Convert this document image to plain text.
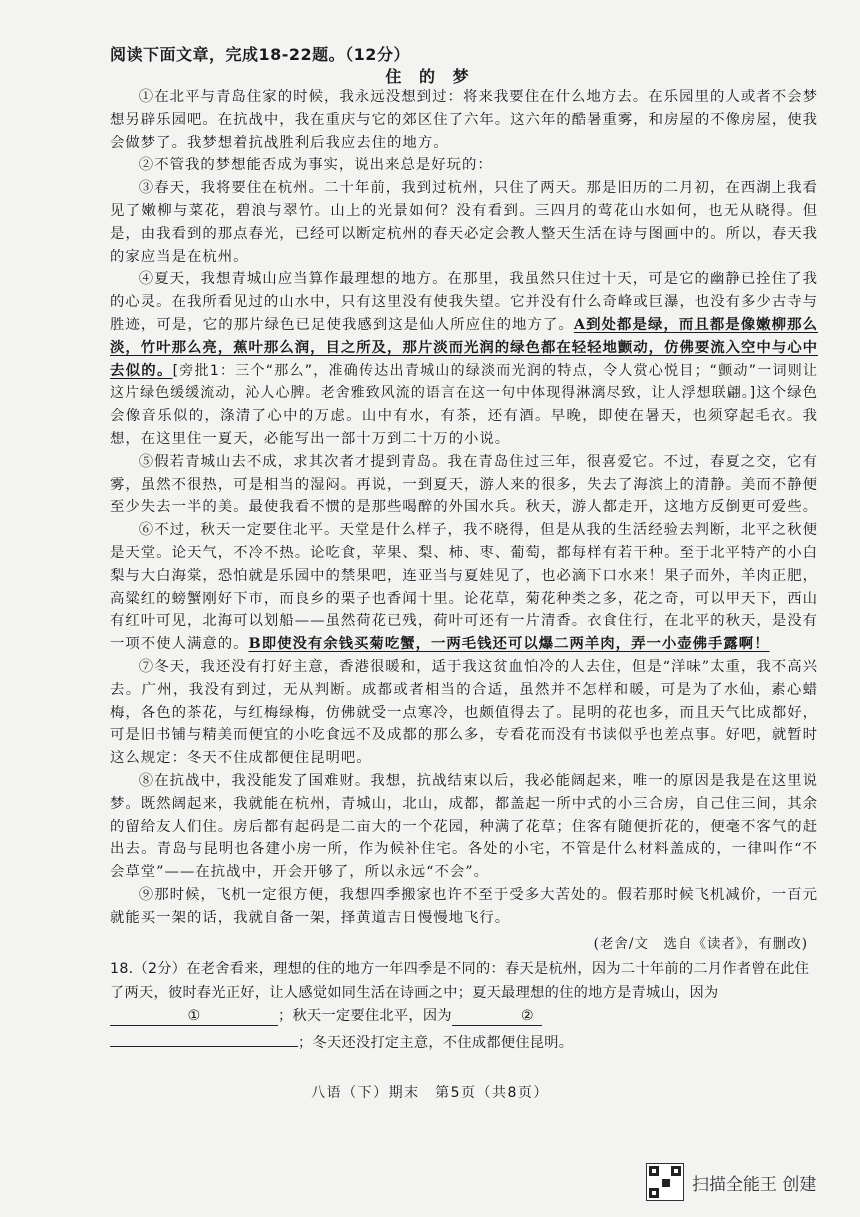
阅读下面文章，完成18-22题。（12分）
住 的 梦

①在北平与青岛住家的时候，我永远没想到过：将来我要住在什么地方去。在乐园里的人或者不会梦想另辟乐园吧。在抗战中，我在重庆与它的郊区住了六年。这六年的酷暑重雾，和房屋的不像房屋，使我会做梦了。我梦想着抗战胜利后我应去住的地方。

②不管我的梦想能否成为事实，说出来总是好玩的：

③春天，我将要住在杭州。二十年前，我到过杭州，只住了两天。那是旧历的二月初，在西湖上我看见了嫩柳与菜花，碧浪与翠竹。山上的光景如何？没有看到。三四月的莺花山水如何，也无从晓得。但是，由我看到的那点春光，已经可以断定杭州的春天必定会教人整天生活在诗与图画中的。所以，春天我的家应当是在杭州。

④夏天，我想青城山应当算作最理想的地方。在那里，我虽然只住过十天，可是它的幽静已拴住了我的心灵。在我所看见过的山水中，只有这里没有使我失望。它并没有什么奇峰或巨瀑，也没有多少古寺与胜迹，可是，它的那片绿色已足使我感到这是仙人所应住的地方了。A到处都是绿，而且都是像嫩柳那么淡，竹叶那么亮，蕉叶那么润，目之所及，那片淡而光润的绿色都在轻轻地颤动，仿佛要流入空中与心中去似的。[旁批1：三个“那么”，准确传达出青城山的绿淡而光润的特点，令人赏心悦目；“颤动”一词则让这片绿色缓缓流动，沁人心脾。老舍雅致风流的语言在这一句中体现得淋漓尽致，让人浮想联翩。]这个绿色会像音乐似的，涤清了心中的万虑。山中有水，有茶，还有酒。早晚，即使在暑天，也须穿起毛衣。我想，在这里住一夏天，必能写出一部十万到二十万的小说。

⑤假若青城山去不成，求其次者才提到青岛。我在青岛住过三年，很喜爱它。不过，春夏之交，它有雾，虽然不很热，可是相当的湿闷。再说，一到夏天，游人来的很多，失去了海滨上的清静。美而不静便至少失去一半的美。最使我看不惯的是那些喝醉的外国水兵。秋天，游人都走开，这地方反倒更可爱些。

⑥不过，秋天一定要住北平。天堂是什么样子，我不晓得，但是从我的生活经验去判断，北平之秋便是天堂。论天气，不冷不热。论吃食，苹果、梨、柿、枣、葡萄，都每样有若干种。至于北平特产的小白梨与大白海棠，恐怕就是乐园中的禁果吧，连亚当与夏娃见了，也必滴下口水来！果子而外，羊肉正肥，高粱红的螃蟹刚好下市，而良乡的栗子也香闻十里。论花草，菊花种类之多，花之奇，可以甲天下，西山有红叶可见，北海可以划船——虽然荷花已残，荷叶可还有一片清香。衣食住行，在北平的秋天，是没有一项不使人满意的。B即使没有余钱买菊吃蟹，一两毛钱还可以爆二两羊肉，弄一小壶佛手露啊！

⑦冬天，我还没有打好主意，香港很暖和，适于我这贫血怕冷的人去住，但是“洋味”太重，我不高兴去。广州，我没有到过，无从判断。成都或者相当的合适，虽然并不怎样和暖，可是为了水仙，素心蜡梅，各色的茶花，与红梅绿梅，仿佛就受一点寒冷，也颇值得去了。昆明的花也多，而且天气比成都好，可是旧书铺与精美而便宜的小吃食远不及成都的那么多，专看花而没有书读似乎也差点事。好吧，就暂时这么规定：冬天不住成都便住昆明吧。

⑧在抗战中，我没能发了国难财。我想，抗战结束以后，我必能阔起来，唯一的原因是我是在这里说梦。既然阔起来，我就能在杭州，青城山，北山，成都，都盖起一所中式的小三合房，自己住三间，其余的留给友人们住。房后都有起码是二亩大的一个花园，种满了花草；住客有随便折花的，便毫不客气的赶出去。青岛与昆明也各建小房一所，作为候补住宅。各处的小宅，不管是什么材料盖成的，一律叫作“不会草堂”——在抗战中，开会开够了，所以永远“不会”。

⑨那时候，飞机一定很方便，我想四季搬家也许不至于受多大苦处的。假若那时候飞机减价，一百元就能买一架的话，我就自备一架，择黄道吉日慢慢地飞行。

(老舍/文　选自《读者》，有删改)

18.（2分）在老舍看来，理想的住的地方一年四季是不同的：春天是杭州，因为二十年前的二月作者曾在此住了两天，彼时春光正好，让人感觉如同生活在诗画之中；夏天最理想的住的地方是青城山，因为①	；秋天一定要住北平，因为	②
；冬天还没打定主意，不住成都便住昆明。
八语（下）期末　第5页（共8页）
扫描全能王 创建
